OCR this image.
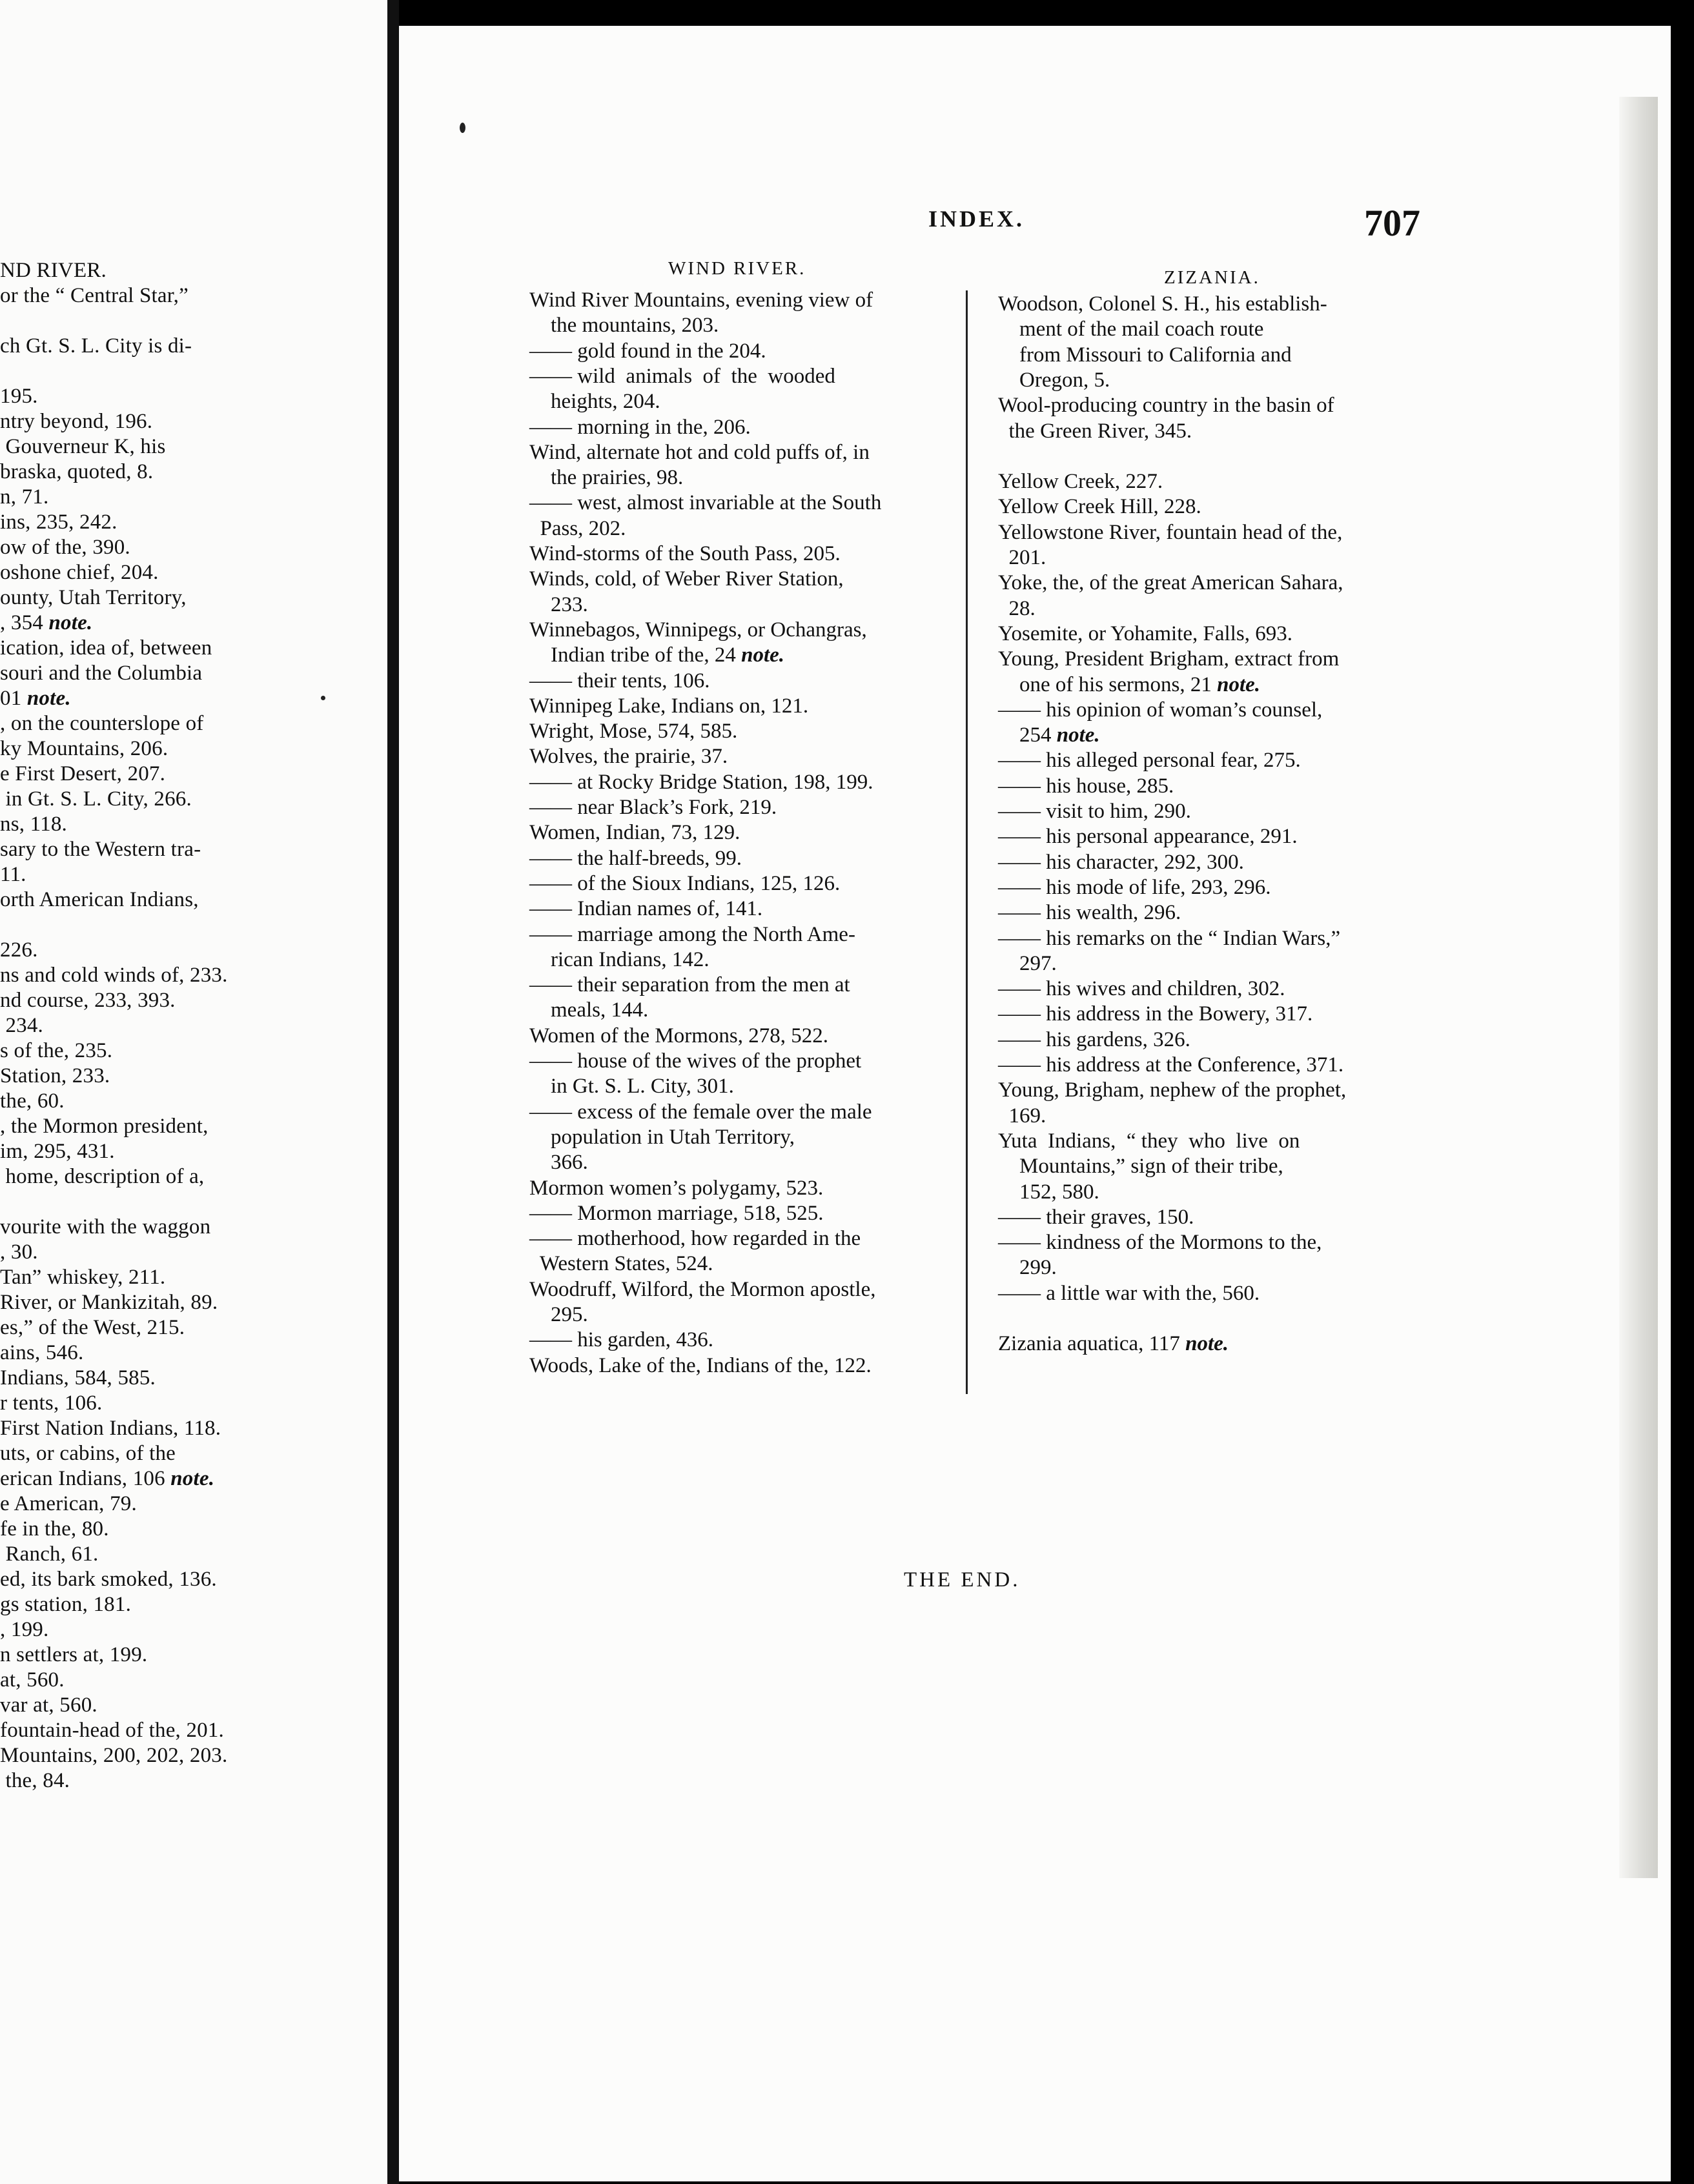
ND RIVER.
or the “ Central Star,”
ch Gt. S. L. City is di-
195.
ntry beyond, 196.
Gouverneur K, his
braska, quoted, 8.
n, 71.
ins, 235, 242.
ow of the, 390.
oshone chief, 204.
ounty, Utah Territory,
, 354 note.
ication, idea of, between
souri and the Columbia
01 note.
, on the counterslope of
ky Mountains, 206.
e First Desert, 207.
in Gt. S. L. City, 266.
ns, 118.
sary to the Western tra-
11.
orth American Indians,
226.
ns and cold winds of, 233.
nd course, 233, 393.
234.
s of the, 235.
Station, 233.
the, 60.
, the Mormon president,
im, 295, 431.
home, description of a,
vourite with the waggon
, 30.
Tan” whiskey, 211.
River, or Mankizitah, 89.
es,” of the West, 215.
ains, 546.
Indians, 584, 585.
r tents, 106.
First Nation Indians, 118.
uts, or cabins, of the
erican Indians, 106 note.
e American, 79.
fe in the, 80.
Ranch, 61.
ed, its bark smoked, 136.
gs station, 181.
, 199.
n settlers at, 199.
at, 560.
var at, 560.
fountain-head of the, 201.
Mountains, 200, 202, 203.
the, 84.
INDEX.	707
WIND RIVER.	ZIZANIA.
Wind River Mountains, evening view of
the mountains, 203.
—— gold found in the 204.
—— wild  animals  of  the  wooded
heights, 204.
—— morning in the, 206.
Wind, alternate hot and cold puffs of, in
the prairies, 98.
—— west, almost invariable at the South
Pass, 202.
Wind-storms of the South Pass, 205.
Winds, cold, of Weber River Station,
233.
Winnebagos, Winnipegs, or Ochangras,
Indian tribe of the, 24 note.
—— their tents, 106.
Winnipeg Lake, Indians on, 121.
Wright, Mose, 574, 585.
Wolves, the prairie, 37.
—— at Rocky Bridge Station, 198, 199.
—— near Black’s Fork, 219.
Women, Indian, 73, 129.
—— the half-breeds, 99.
—— of the Sioux Indians, 125, 126.
—— Indian names of, 141.
—— marriage among the North Ame-
rican Indians, 142.
—— their separation from the men at
meals, 144.
Women of the Mormons, 278, 522.
—— house of the wives of the prophet
in Gt. S. L. City, 301.
—— excess of the female over the male
population in Utah Territory,
366.
Mormon women’s polygamy, 523.
—— Mormon marriage, 518, 525.
—— motherhood, how regarded in the
Western States, 524.
Woodruff, Wilford, the Mormon apostle,
295.
—— his garden, 436.
Woods, Lake of the, Indians of the, 122.
Woodson, Colonel S. H., his establish-
ment of the mail coach route
from Missouri to California and
Oregon, 5.
Wool-producing country in the basin of
the Green River, 345.
Yellow Creek, 227.
Yellow Creek Hill, 228.
Yellowstone River, fountain head of the,
201.
Yoke, the, of the great American Sahara,
28.
Yosemite, or Yohamite, Falls, 693.
Young, President Brigham, extract from
one of his sermons, 21 note.
—— his opinion of woman’s counsel,
254 note.
—— his alleged personal fear, 275.
—— his house, 285.
—— visit to him, 290.
—— his personal appearance, 291.
—— his character, 292, 300.
—— his mode of life, 293, 296.
—— his wealth, 296.
—— his remarks on the “ Indian Wars,”
297.
—— his wives and children, 302.
—— his address in the Bowery, 317.
—— his gardens, 326.
—— his address at the Conference, 371.
Young, Brigham, nephew of the prophet,
169.
Yuta  Indians,  “ they  who  live  on
Mountains,” sign of their tribe,
152, 580.
—— their graves, 150.
—— kindness of the Mormons to the,
299.
—— a little war with the, 560.
Zizania aquatica, 117 note.
THE END.
